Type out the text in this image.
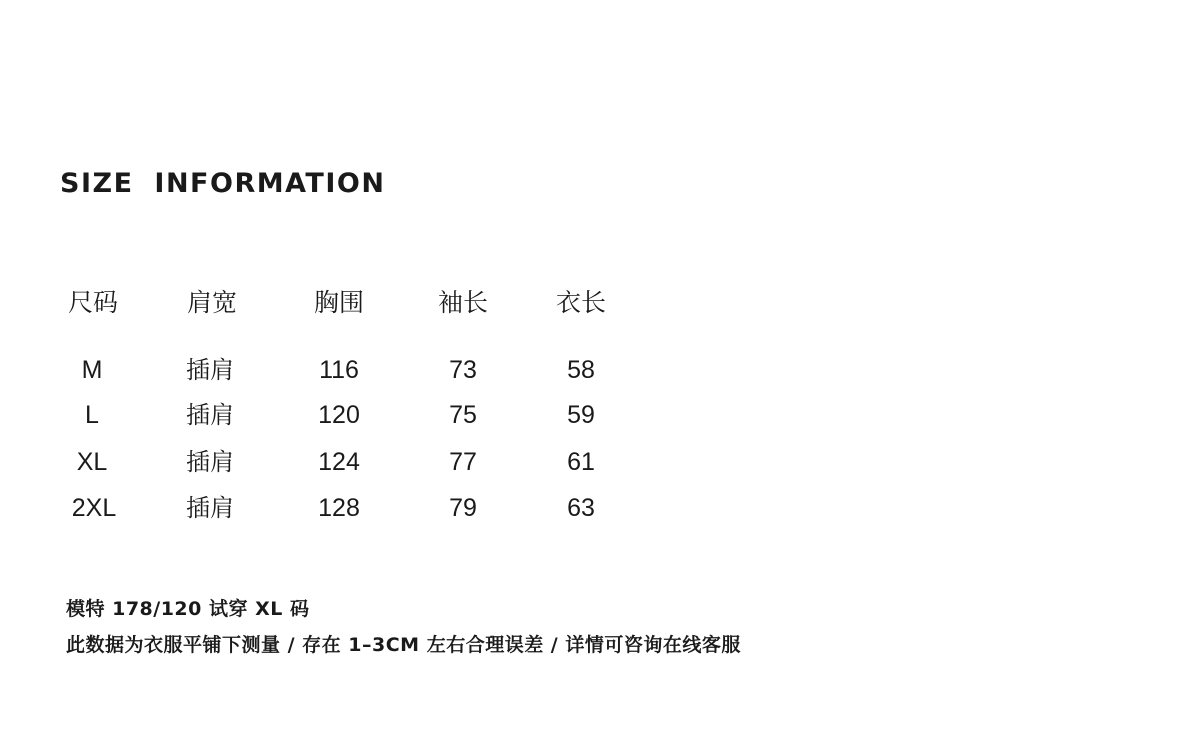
SIZE INFORMATION
尺码	肩宽	胸围	袖长	衣长
M	插肩	116	73	58
L	插肩	120	75	59
XL	插肩	124	77	61
2XL	插肩	128	79	63
模特 178/120 试穿 XL 码
此数据为衣服平铺下测量 / 存在 1–3CM 左右合理误差 / 详情可咨询在线客服
